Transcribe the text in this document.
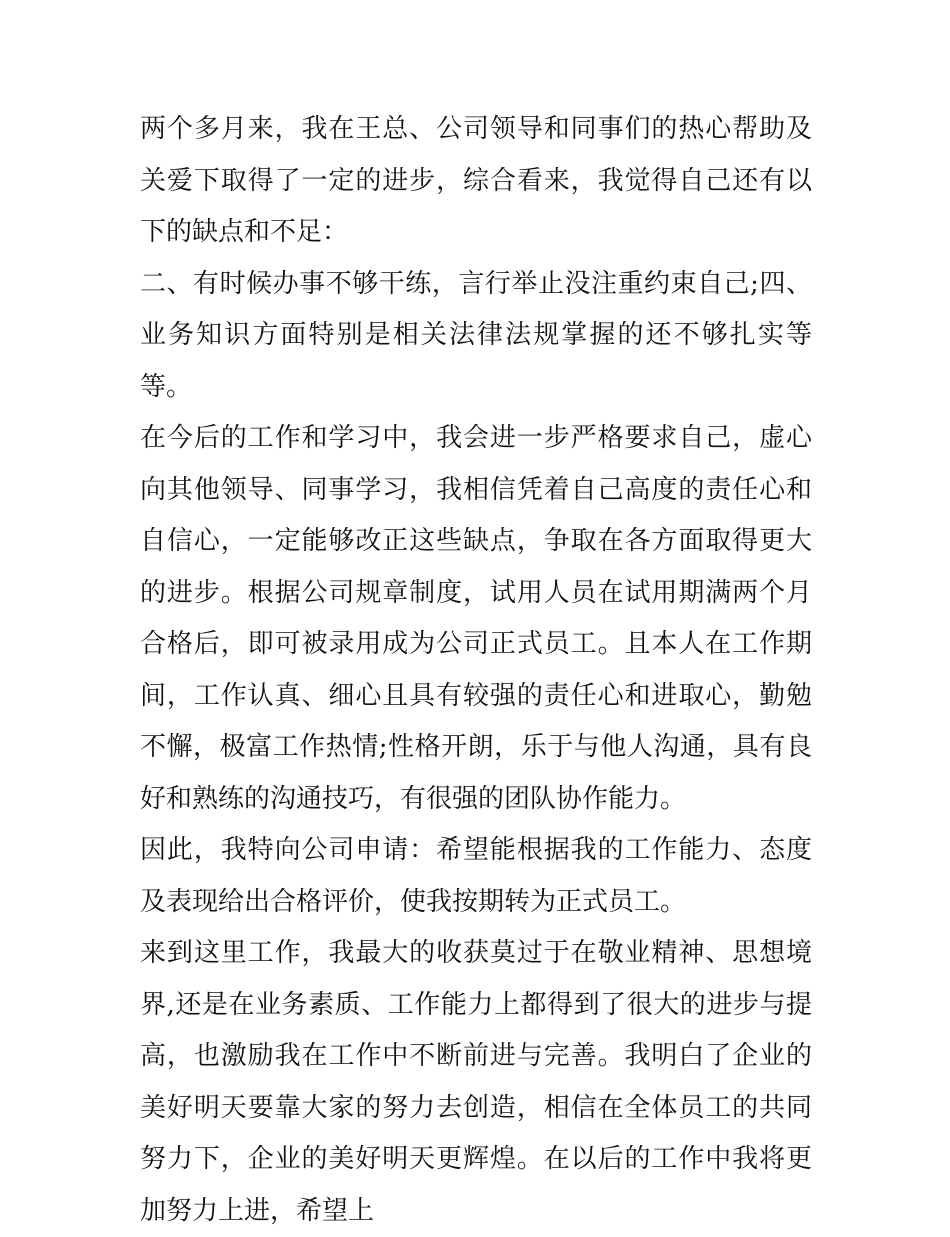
两个多月来，我在王总、公司领导和同事们的热心帮助及关爱下取得了一定的进步，综合看来，我觉得自己还有以下的缺点和不足：

二、有时候办事不够干练，言行举止没注重约束自己;四、业务知识方面特别是相关法律法规掌握的还不够扎实等等。

在今后的工作和学习中，我会进一步严格要求自己，虚心向其他领导、同事学习，我相信凭着自己高度的责任心和自信心，一定能够改正这些缺点，争取在各方面取得更大的进步。根据公司规章制度，试用人员在试用期满两个月合格后，即可被录用成为公司正式员工。且本人在工作期间，工作认真、细心且具有较强的责任心和进取心，勤勉不懈，极富工作热情;性格开朗，乐于与他人沟通，具有良好和熟练的沟通技巧，有很强的团队协作能力。

因此，我特向公司申请：希望能根据我的工作能力、态度及表现给出合格评价，使我按期转为正式员工。

来到这里工作，我最大的收获莫过于在敬业精神、思想境界,还是在业务素质、工作能力上都得到了很大的进步与提高，也激励我在工作中不断前进与完善。我明白了企业的美好明天要靠大家的努力去创造，相信在全体员工的共同努力下，企业的美好明天更辉煌。在以后的工作中我将更加努力上进，希望上
